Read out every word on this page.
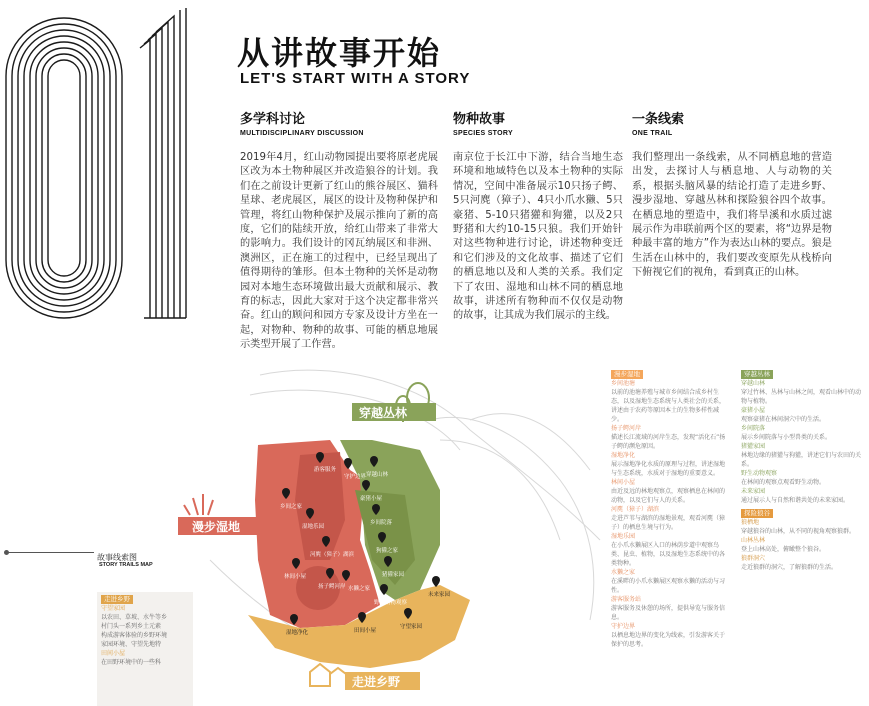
从讲故事开始
LET'S START WITH A STORY
多学科讨论
MULTIDISCIPLINARY DISCUSSION
2019年4月，红山动物园提出要将原老虎展区改为本土物种展区并改造狼谷的计划。我们在之前设计更新了红山的熊谷展区、猫科星球、老虎展区，展区的设计及物种保护和管理，将红山物种保护及展示推向了新的高度，它们的陆续开放，给红山带来了非常大的影响力。我们设计的冈瓦纳展区和非洲、澳洲区，正在施工的过程中，已经呈现出了值得期待的雏形。但本土物种的关怀是动物园对本地生态环境做出最大贡献和展示、教育的标志，因此大家对于这个决定都非常兴奋。红山的顾问和园方专家及设计方坐在一起，对物种、物种的故事、可能的栖息地展示类型开展了工作营。
物种故事
SPECIES STORY
南京位于长江中下游，结合当地生态环境和地域特色以及本土物种的实际情况，空间中准备展示10只扬子鳄、5只河麂（獐子）、4只小爪水獭、5只豪猪、5-10只猪獾和狗獾，以及2只野猪和大约10-15只狼。我们开始针对这些物种进行讨论，讲述物种变迁和它们涉及的文化故事、描述了它们的栖息地以及和人类的关系。我们定下了农田、湿地和山林不同的栖息地故事，讲述所有物种而不仅仅是动物的故事，让其成为我们展示的主线。
一条线索
ONE TRAIL
我们整理出一条线索，从不同栖息地的营造出发，去探讨人与栖息地、人与动物的关系，根据头脑风暴的结论打造了走进乡野、漫步湿地、穿越丛林和探险狼谷四个故事。在栖息地的塑造中，我们将旱溪和水质过滤展示作为串联前两个区的要素，将“边界是物种最丰富的地方”作为表达山林的要点。狼是生活在山林中的，我们要改变原先从栈桥向下俯视它们的视角，看到真正的山林。
游客服务
守护边界
乡间之家
湿地乐园
河麂（獐子）湖滨
林间小屋
扬子鳄河岸 水獭之家
湿地净化
穿越山林
豪猪小屋
乡间院落
狗獾之家
猪獾家园
野生动物观察
未来家园
守望家园
田间小屋
漫步湿地
穿越丛林
走进乡野
故事线索图
STORY TRAILS MAP
走进乡野
守望家园
以农田、草坡、水牛等乡
村门头一系列乡土元素
构成游客体验的乡野环境
家园环境、守望先地特
田间小屋
在田野环境中的一些科
漫步湿地
乡间池塘
以前的池塘养殖与城市乡间结合成乡村生态，以及湿地生态系统与人类社会的关系，讲述由于农药等原因本土的生物多样性减少。
扬子鳄河岸
描述长江流域的河岸生态，发现“活化石”扬子鳄的濒危原因。
湿地净化
展示湿地净化水质的原理与过程，讲述湿地与生态系统，水质对于湿地的重要意义。
林间小屋
由近及远的林地观察点，观察栖息在林间的动物，以及它们与人的关系。
河麂（獐子）湖滨
走进芦苇与湖滨的湿地景观，观看河麂（獐子）的栖息生境与行为。
湿地乐园
在小爪水獭展区入口的林荫步道中观察鸟类、昆虫、植物，以及湿地生态系统中的各类物种。
水獭之家
在溪畔的小爪水獭展区观察水獭的活动与习性。
游客服务站
游客服务及休憩的场所，提供导览与服务信息。
守护边界
以栖息地边界的变化为线索，引发游客关于保护的思考。
穿越丛林
穿越山林
穿过竹林、丛林与山林之间，观看山林中的动物与植物。
豪猪小屋
观察豪猪在林间洞穴中的生活。
乡间院落
展示乡间院落与小型兽类的关系。
猪獾家园
林地边缘的猪獾与狗獾，讲述它们与农田的关系。
野生动物观察
在林间的观察点观看野生动物。
未来家园
通过展示人与自然和谐共处的未来家园。
探险狼谷
狼栖地
穿越狼谷的山林，从不同的视角观察狼群。
山林丛林
登上山林高处，俯瞰整个狼谷。
狼群洞穴
走近狼群的洞穴，了解狼群的生活。
